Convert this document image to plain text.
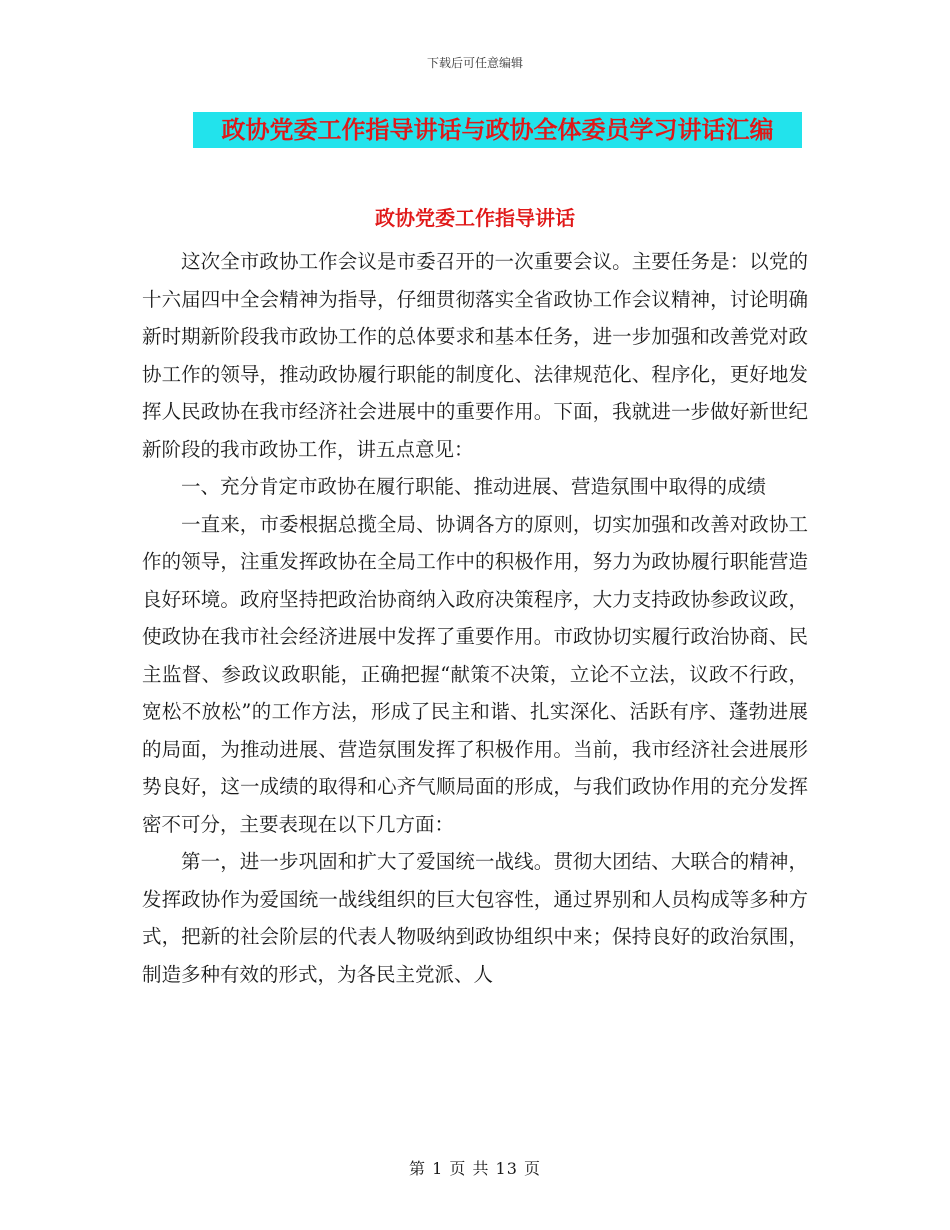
下载后可任意编辑
政协党委工作指导讲话与政协全体委员学习讲话汇编
政协党委工作指导讲话

这次全市政协工作会议是市委召开的一次重要会议。主要任务是：以党的十六届四中全会精神为指导，仔细贯彻落实全省政协工作会议精神，讨论明确新时期新阶段我市政协工作的总体要求和基本任务，进一步加强和改善党对政协工作的领导，推动政协履行职能的制度化、法律规范化、程序化，更好地发挥人民政协在我市经济社会进展中的重要作用。下面，我就进一步做好新世纪新阶段的我市政协工作，讲五点意见：

一、充分肯定市政协在履行职能、推动进展、营造氛围中取得的成绩

一直来，市委根据总揽全局、协调各方的原则，切实加强和改善对政协工作的领导，注重发挥政协在全局工作中的积极作用，努力为政协履行职能营造良好环境。政府坚持把政治协商纳入政府决策程序，大力支持政协参政议政，使政协在我市社会经济进展中发挥了重要作用。市政协切实履行政治协商、民主监督、参政议政职能，正确把握“献策不决策，立论不立法，议政不行政，宽松不放松”的工作方法，形成了民主和谐、扎实深化、活跃有序、蓬勃进展的局面，为推动进展、营造氛围发挥了积极作用。当前，我市经济社会进展形势良好，这一成绩的取得和心齐气顺局面的形成，与我们政协作用的充分发挥密不可分，主要表现在以下几方面：

第一，进一步巩固和扩大了爱国统一战线。贯彻大团结、大联合的精神，发挥政协作为爱国统一战线组织的巨大包容性，通过界别和人员构成等多种方式，把新的社会阶层的代表人物吸纳到政协组织中来；保持良好的政治氛围，制造多种有效的形式，为各民主党派、人

第 1 页 共 13 页
